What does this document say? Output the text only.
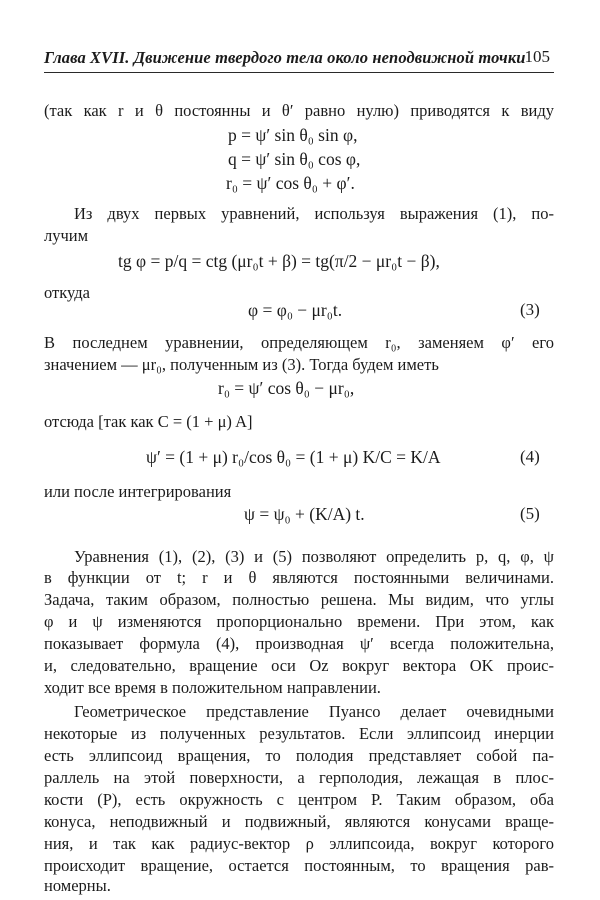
Глава XVII. Движение твердого тела около неподвижной точки
105
(так как r и θ постоянны и θ′ равно нулю) приводятся к виду
p = ψ′ sin θ₀ sin φ,
q = ψ′ sin θ₀ cos φ,
r₀ = ψ′ cos θ₀ + φ′.
Из двух первых уравнений, используя выражения (1), по-
лучим
tg φ = p/q = ctg (μr₀t + β) = tg(π/2 − μr₀t − β),
откуда
φ = φ₀ − μr₀t.	(3)
В последнем уравнении, определяющем r₀, заменяем φ′ его
значением — μr₀, полученным из (3). Тогда будем иметь
r₀ = ψ′ cos θ₀ − μr₀,
отсюда [так как C = (1 + μ) A]
ψ′ = (1 + μ) r₀/cos θ₀ = (1 + μ) K/C = K/A	(4)
или после интегрирования
ψ = ψ₀ + (K/A) t.	(5)
Уравнения (1), (2), (3) и (5) позволяют определить p, q, φ, ψ
в функции от t; r и θ являются постоянными величинами.
Задача, таким образом, полностью решена. Мы видим, что углы
φ и ψ изменяются пропорционально времени. При этом, как
показывает формула (4), производная ψ′ всегда положительна,
и, следовательно, вращение оси Oz вокруг вектора OK проис-
ходит все время в положительном направлении.
Геометрическое представление Пуансо делает очевидными
некоторые из полученных результатов. Если эллипсоид инерции
есть эллипсоид вращения, то полодия представляет собой па-
раллель на этой поверхности, а герполодия, лежащая в плос-
кости (P), есть окружность с центром P. Таким образом, оба
конуса, неподвижный и подвижный, являются конусами враще-
ния, и так как радиус-вектор ρ эллипсоида, вокруг которого
происходит вращение, остается постоянным, то вращения рав-
номерны.
